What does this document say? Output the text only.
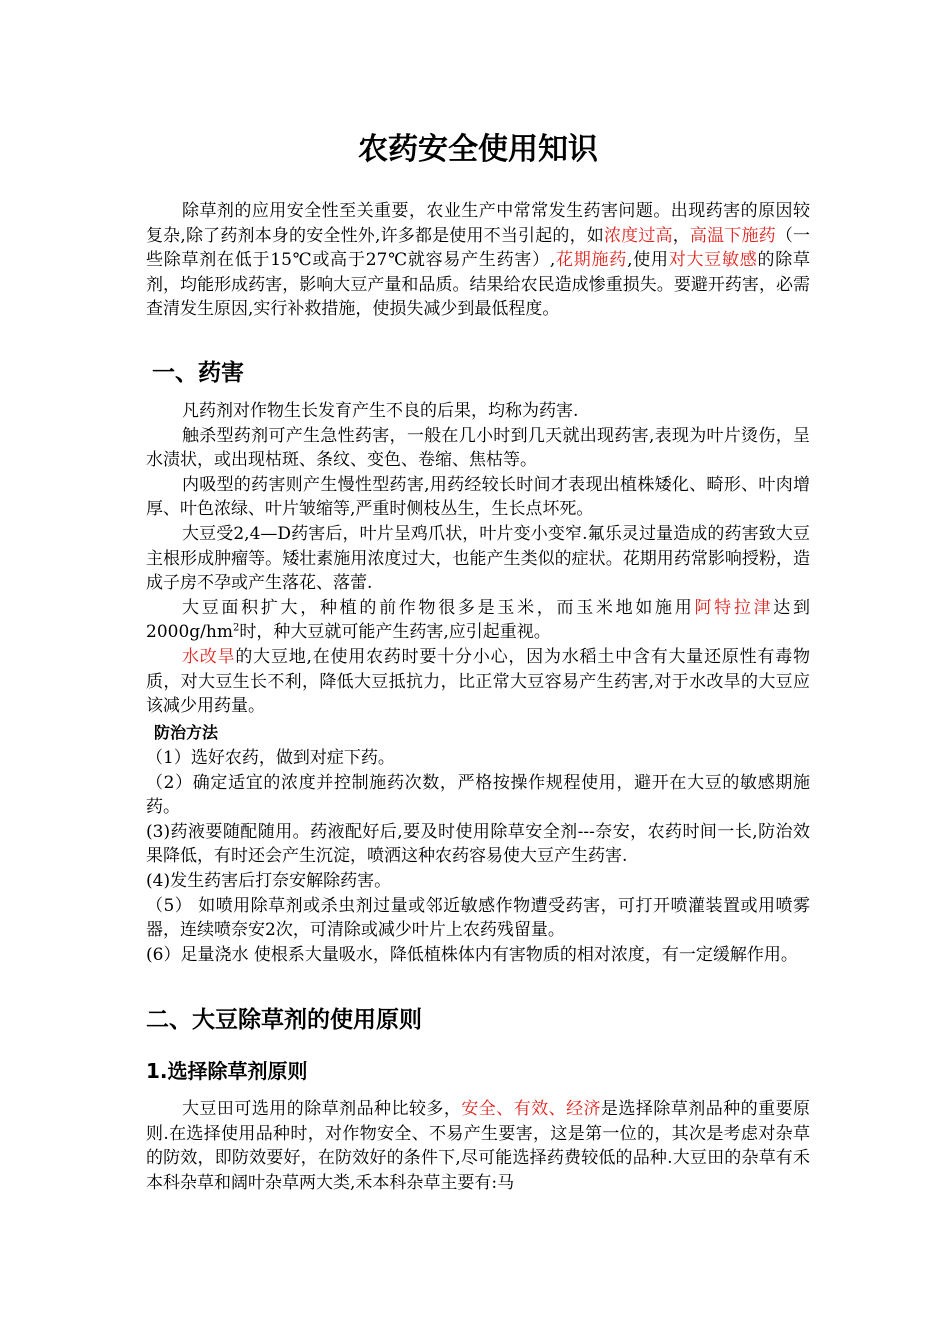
农药安全使用知识

除草剂的应用安全性至关重要，农业生产中常常发生药害问题。出现药害的原因较复杂,除了药剂本身的安全性外,许多都是使用不当引起的，如浓度过高，高温下施药（一些除草剂在低于15℃或高于27℃就容易产生药害）,花期施药,使用对大豆敏感的除草剂，均能形成药害，影响大豆产量和品质。结果给农民造成惨重损失。要避开药害，必需查清发生原因,实行补救措施，使损失减少到最低程度。

一、药害

凡药剂对作物生长发育产生不良的后果，均称为药害.

触杀型药剂可产生急性药害，一般在几小时到几天就出现药害,表现为叶片烫伤，呈水渍状，或出现枯斑、条纹、变色、卷缩、焦枯等。

内吸型的药害则产生慢性型药害,用药经较长时间才表现出植株矮化、畸形、叶肉增厚、叶色浓绿、叶片皱缩等,严重时侧枝丛生，生长点坏死。

大豆受2,4—D药害后，叶片呈鸡爪状，叶片变小变窄.氟乐灵过量造成的药害致大豆主根形成肿瘤等。矮壮素施用浓度过大，也能产生类似的症状。花期用药常影响授粉，造成子房不孕或产生落花、落蕾.

大豆面积扩大，种植的前作物很多是玉米，而玉米地如施用阿特拉津达到$2000g/hm^2$时，种大豆就可能产生药害,应引起重视。

水改旱的大豆地,在使用农药时要十分小心，因为水稻土中含有大量还原性有毒物质，对大豆生长不利，降低大豆抵抗力，比正常大豆容易产生药害,对于水改旱的大豆应该减少用药量。

防治方法

（1）选好农药，做到对症下药。

（2）确定适宜的浓度并控制施药次数，严格按操作规程使用，避开在大豆的敏感期施药。

(3)药液要随配随用。药液配好后,要及时使用除草安全剂---奈安，农药时间一长,防治效果降低，有时还会产生沉淀，喷洒这种农药容易使大豆产生药害.

(4)发生药害后打奈安解除药害。

（5） 如喷用除草剂或杀虫剂过量或邻近敏感作物遭受药害，可打开喷灌装置或用喷雾器，连续喷奈安2次，可清除或减少叶片上农药残留量。

(6）足量浇水 使根系大量吸水，降低植株体内有害物质的相对浓度，有一定缓解作用。

二、大豆除草剂的使用原则
1.选择除草剂原则

大豆田可选用的除草剂品种比较多，安全、有效、经济是选择除草剂品种的重要原则.在选择使用品种时，对作物安全、不易产生要害，这是第一位的，其次是考虑对杂草的防效，即防效要好，在防效好的条件下,尽可能选择药费较低的品种.大豆田的杂草有禾本科杂草和阔叶杂草两大类,禾本科杂草主要有:马
